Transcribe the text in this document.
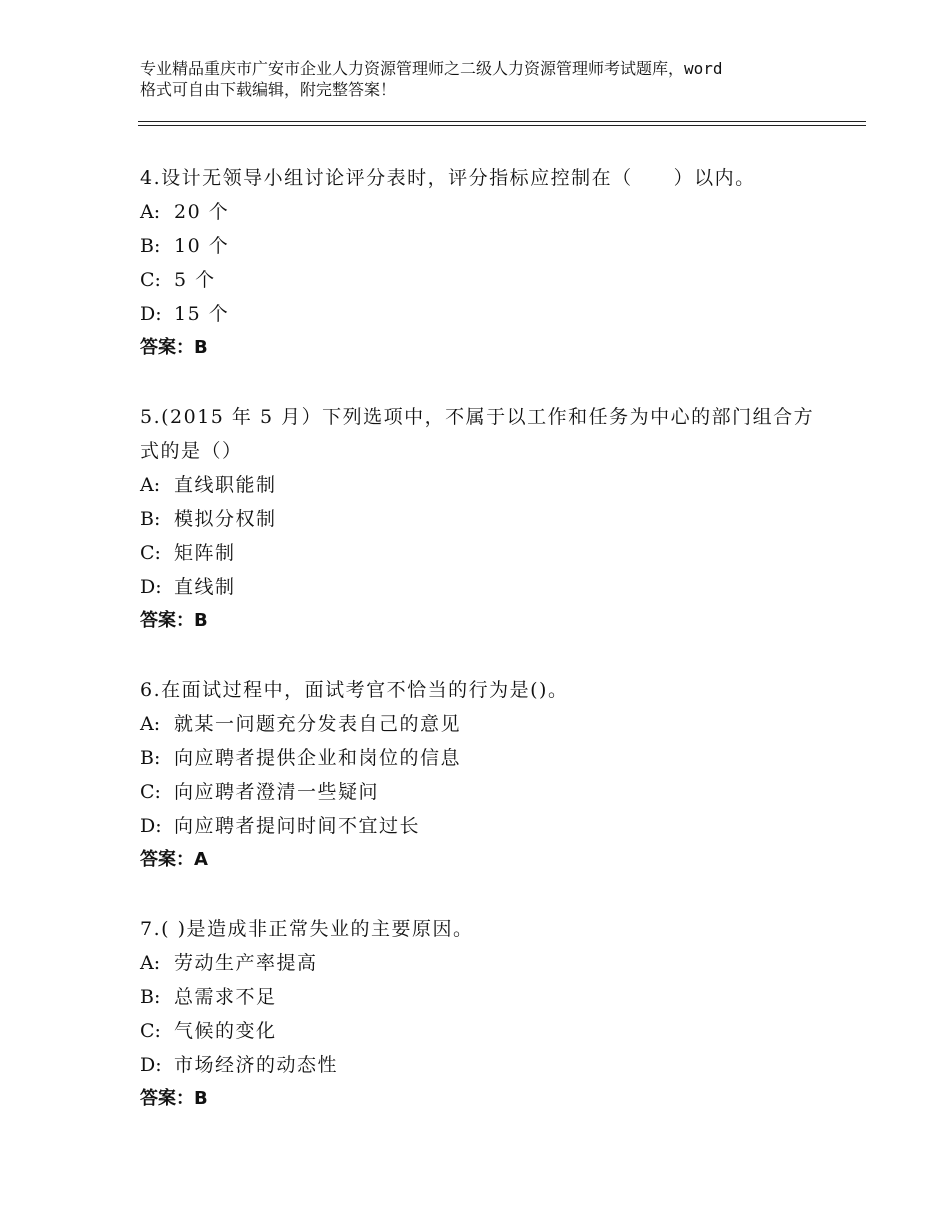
专业精品重庆市广安市企业人力资源管理师之二级人力资源管理师考试题库，word
格式可自由下载编辑，附完整答案！
4.设计无领导小组讨论评分表时，评分指标应控制在（　　）以内。
A: 20 个
B: 10 个
C: 5 个
D: 15 个
答案：B
5.(2015 年 5 月）下列选项中，不属于以工作和任务为中心的部门组合方式的是（）
A: 直线职能制
B: 模拟分权制
C: 矩阵制
D: 直线制
答案：B
6.在面试过程中，面试考官不恰当的行为是()。
A: 就某一问题充分发表自己的意见
B: 向应聘者提供企业和岗位的信息
C: 向应聘者澄清一些疑问
D: 向应聘者提问时间不宜过长
答案：A
7.( )是造成非正常失业的主要原因。
A: 劳动生产率提高
B: 总需求不足
C: 气候的变化
D: 市场经济的动态性
答案：B
